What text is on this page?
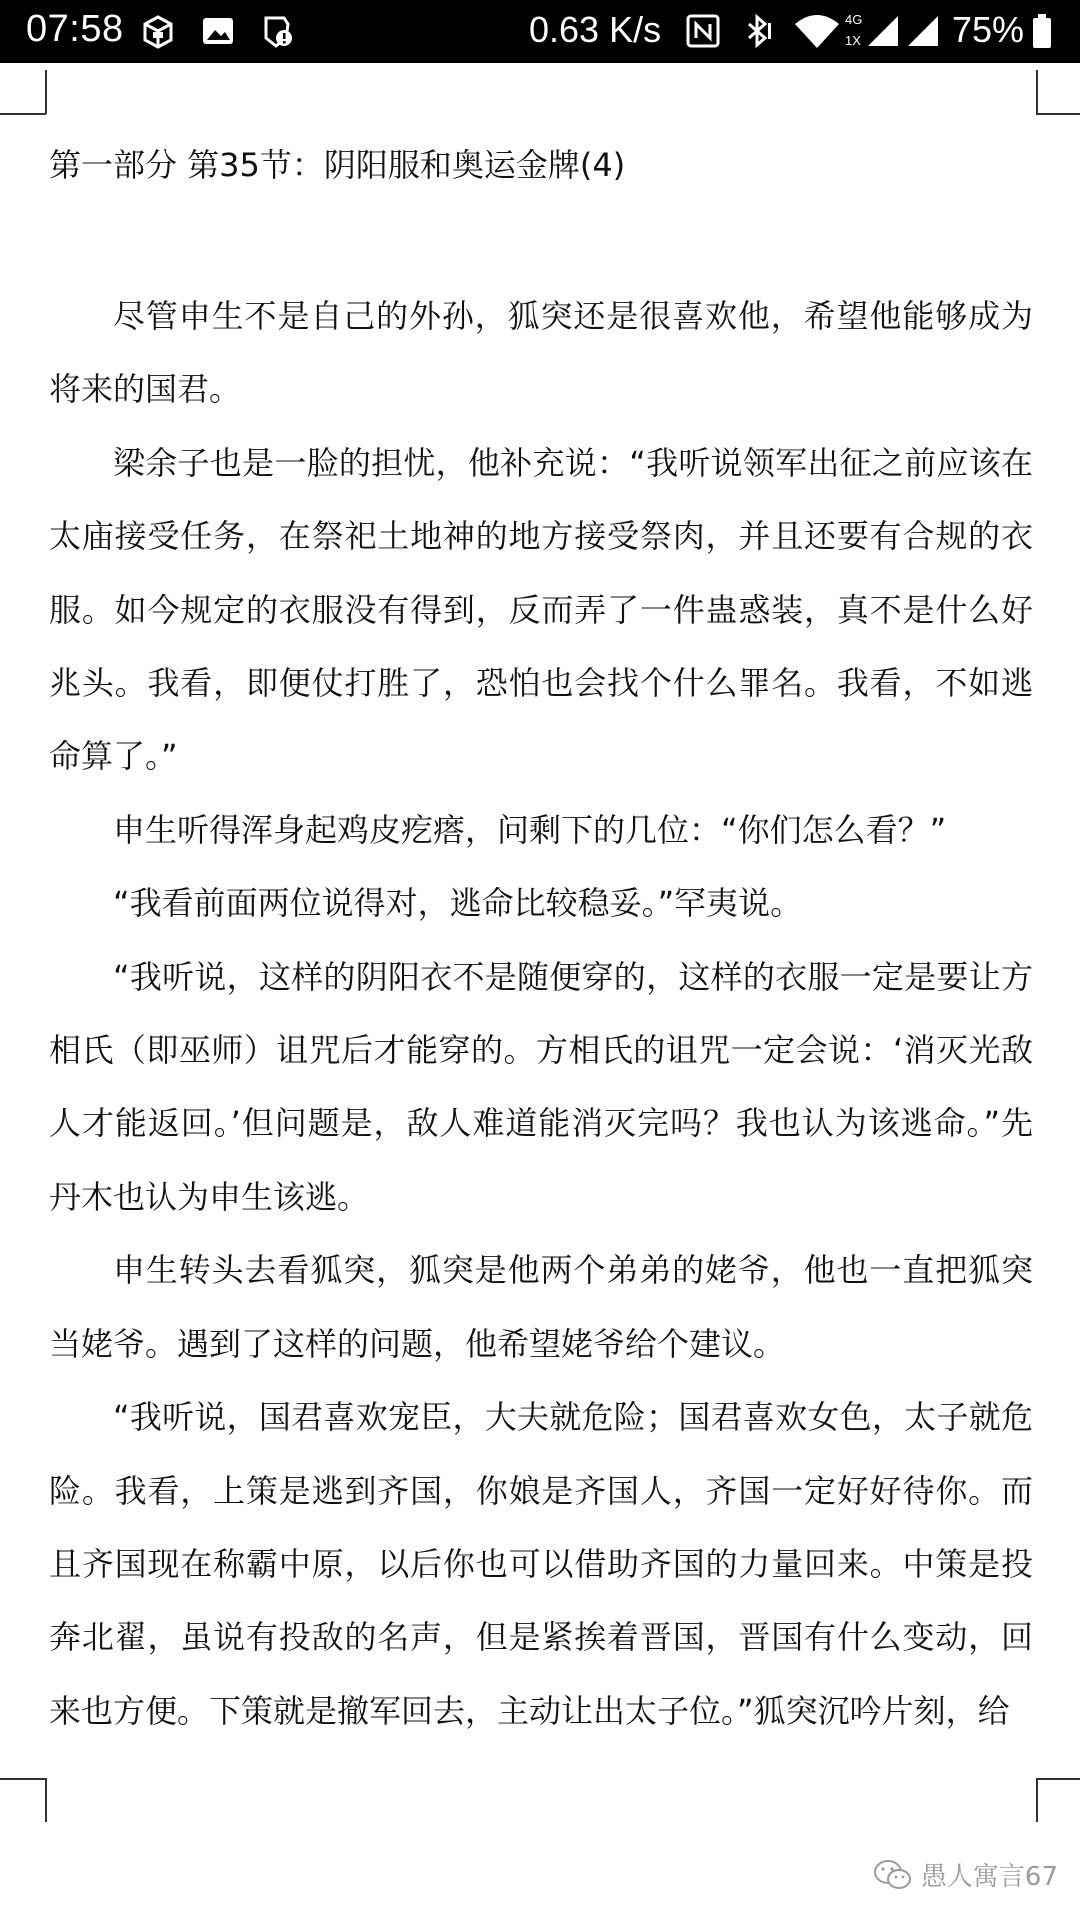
07:58	0.63 K/s	4G
1X	75%
第一部分 第35节：阴阳服和奥运金牌(4)

尽管申生不是自己的外孙，狐突还是很喜欢他，希望他能够成为将来的国君。

梁余子也是一脸的担忧，他补充说：“我听说领军出征之前应该在太庙接受任务，在祭祀土地神的地方接受祭肉，并且还要有合规的衣服。如今规定的衣服没有得到，反而弄了一件蛊惑装，真不是什么好兆头。我看，即便仗打胜了，恐怕也会找个什么罪名。我看，不如逃命算了。”

申生听得浑身起鸡皮疙瘩，问剩下的几位：“你们怎么看？”

“我看前面两位说得对，逃命比较稳妥。”罕夷说。

“我听说，这样的阴阳衣不是随便穿的，这样的衣服一定是要让方相氏（即巫师）诅咒后才能穿的。方相氏的诅咒一定会说：‘消灭光敌人才能返回。’但问题是，敌人难道能消灭完吗？我也认为该逃命。”先丹木也认为申生该逃。

申生转头去看狐突，狐突是他两个弟弟的姥爷，他也一直把狐突当姥爷。遇到了这样的问题，他希望姥爷给个建议。

“我听说，国君喜欢宠臣，大夫就危险；国君喜欢女色，太子就危险。我看，上策是逃到齐国，你娘是齐国人，齐国一定好好待你。而且齐国现在称霸中原，以后你也可以借助齐国的力量回来。中策是投奔北翟，虽说有投敌的名声，但是紧挨着晋国，晋国有什么变动，回来也方便。下策就是撤军回去，主动让出太子位。”狐突沉吟片刻，给

愚人寓言67
